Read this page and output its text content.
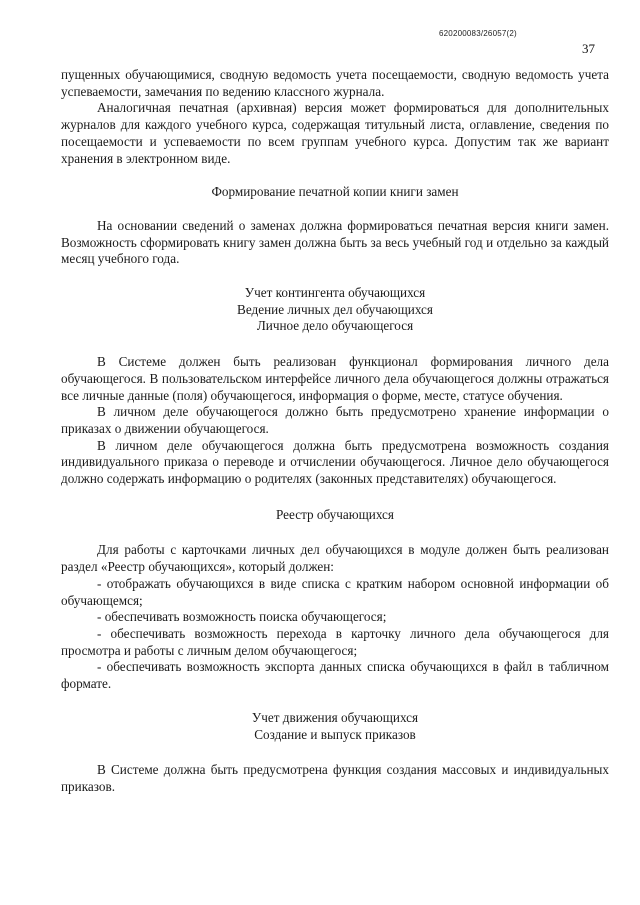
620200083/26057(2)
37

пущенных обучающимися, сводную ведомость учета посещаемости, сводную ведомость учета успеваемости, замечания по ведению классного журнала.

Аналогичная печатная (архивная) версия может формироваться для дополнительных журналов для каждого учебного курса, содержащая титульный листа, оглавление, сведения по посещаемости и успеваемости по всем группам учебного курса. Допустим так же вариант хранения в электронном виде.

Формирование печатной копии книги замен

На основании сведений о заменах должна формироваться печатная версия книги замен. Возможность сформировать книгу замен должна быть за весь учебный год и отдельно за каждый месяц учебного года.

Учет контингента обучающихся

Ведение личных дел обучающихся

Личное дело обучающегося

В Системе должен быть реализован функционал формирования личного дела обучающегося. В пользовательском интерфейсе личного дела обучающегося должны отражаться все личные данные (поля) обучающегося, информация о форме, месте, статусе обучения.

В личном деле обучающегося должно быть предусмотрено хранение информации о приказах о движении обучающегося.

В личном деле обучающегося должна быть предусмотрена возможность создания индивидуального приказа о переводе и отчислении обучающегося. Личное дело обучающегося должно содержать информацию о родителях (законных представителях) обучающегося.

Реестр обучающихся

Для работы с карточками личных дел обучающихся в модуле должен быть реализован раздел «Реестр обучающихся», который должен:

- отображать обучающихся в виде списка с кратким набором основной информации об обучающемся;

- обеспечивать возможность поиска обучающегося;

- обеспечивать возможность перехода в карточку личного дела обучающегося для просмотра и работы с личным делом обучающегося;

- обеспечивать возможность экспорта данных списка обучающихся в файл в табличном формате.

Учет движения обучающихся

Создание и выпуск приказов

В Системе должна быть предусмотрена функция создания массовых и индивидуальных приказов.
